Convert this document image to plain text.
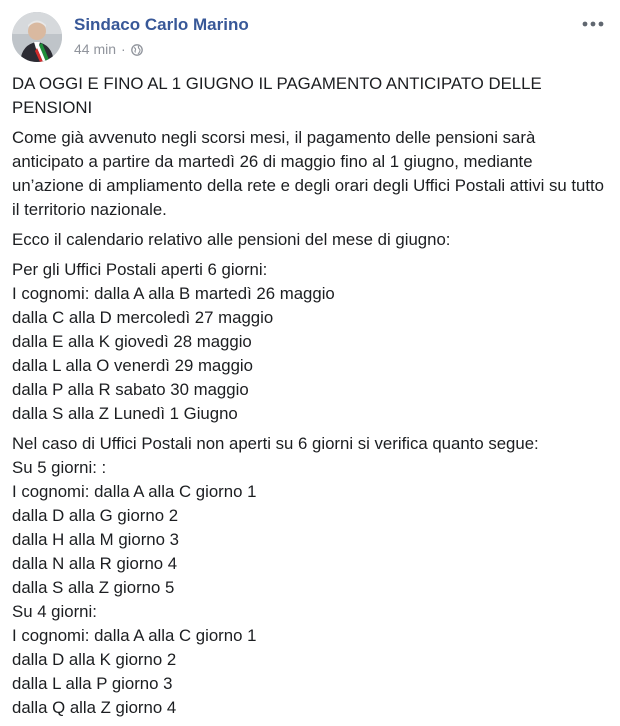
Sindaco Carlo Marino
44 min ·
DA OGGI E FINO AL 1 GIUGNO IL PAGAMENTO ANTICIPATO DELLE PENSIONI
Come già avvenuto negli scorsi mesi, il pagamento delle pensioni sarà anticipato a partire da martedì 26 di maggio fino al 1 giugno, mediante un’azione di ampliamento della rete e degli orari degli Uffici Postali attivi su tutto il territorio nazionale.
Ecco il calendario relativo alle pensioni del mese di giugno:
Per gli Uffici Postali aperti 6 giorni:
I cognomi: dalla A alla B martedì 26 maggio
dalla C alla D mercoledì 27 maggio
dalla E alla K giovedì 28 maggio
dalla L alla O venerdì 29 maggio
dalla P alla R sabato 30 maggio
dalla S alla Z Lunedì 1 Giugno
Nel caso di Uffici Postali non aperti su 6 giorni si verifica quanto segue:
Su 5 giorni: :
I cognomi: dalla A alla C giorno 1
dalla D alla G giorno 2
dalla H alla M giorno 3
dalla N alla R giorno 4
dalla S alla Z giorno 5
Su 4 giorni:
I cognomi: dalla A alla C giorno 1
dalla D alla K giorno 2
dalla L alla P giorno 3
dalla Q alla Z giorno 4
